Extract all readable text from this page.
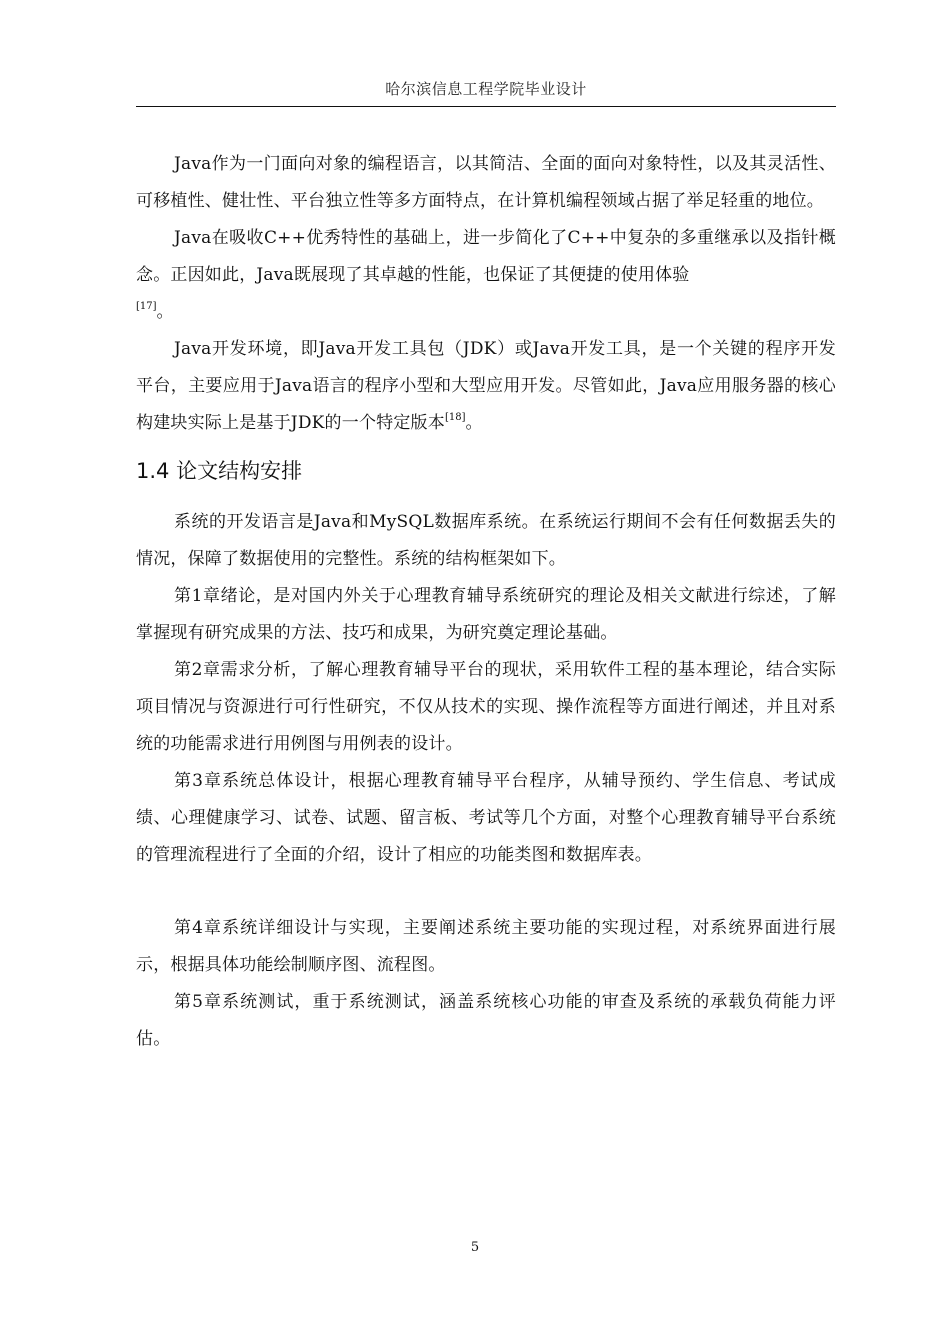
哈尔滨信息工程学院毕业设计

Java作为一门面向对象的编程语言，以其简洁、全面的面向对象特性，以及其灵活性、可移植性、健壮性、平台独立性等多方面特点，在计算机编程领域占据了举足轻重的地位。

Java在吸收C++优秀特性的基础上，进一步简化了C++中复杂的多重继承以及指针概念。正因如此，Java既展现了其卓越的性能，也保证了其便捷的使用体验
[17]。

Java开发环境，即Java开发工具包（JDK）或Java开发工具，是一个关键的程序开发平台，主要应用于Java语言的程序小型和大型应用开发。尽管如此，Java应用服务器的核心构建块实际上是基于JDK的一个特定版本[18]。

1.4 论文结构安排

系统的开发语言是Java和MySQL数据库系统。在系统运行期间不会有任何数据丢失的情况，保障了数据使用的完整性。系统的结构框架如下。

第1章绪论，是对国内外关于心理教育辅导系统研究的理论及相关文献进行综述，了解掌握现有研究成果的方法、技巧和成果，为研究奠定理论基础。

第2章需求分析，了解心理教育辅导平台的现状，采用软件工程的基本理论，结合实际项目情况与资源进行可行性研究，不仅从技术的实现、操作流程等方面进行阐述，并且对系统的功能需求进行用例图与用例表的设计。

第3章系统总体设计，根据心理教育辅导平台程序，从辅导预约、学生信息、考试成绩、心理健康学习、试卷、试题、留言板、考试等几个方面，对整个心理教育辅导平台系统的管理流程进行了全面的介绍，设计了相应的功能类图和数据库表。

第4章系统详细设计与实现，主要阐述系统主要功能的实现过程，对系统界面进行展示，根据具体功能绘制顺序图、流程图。

第5章系统测试，重于系统测试，涵盖系统核心功能的审查及系统的承载负荷能力评估。

5
